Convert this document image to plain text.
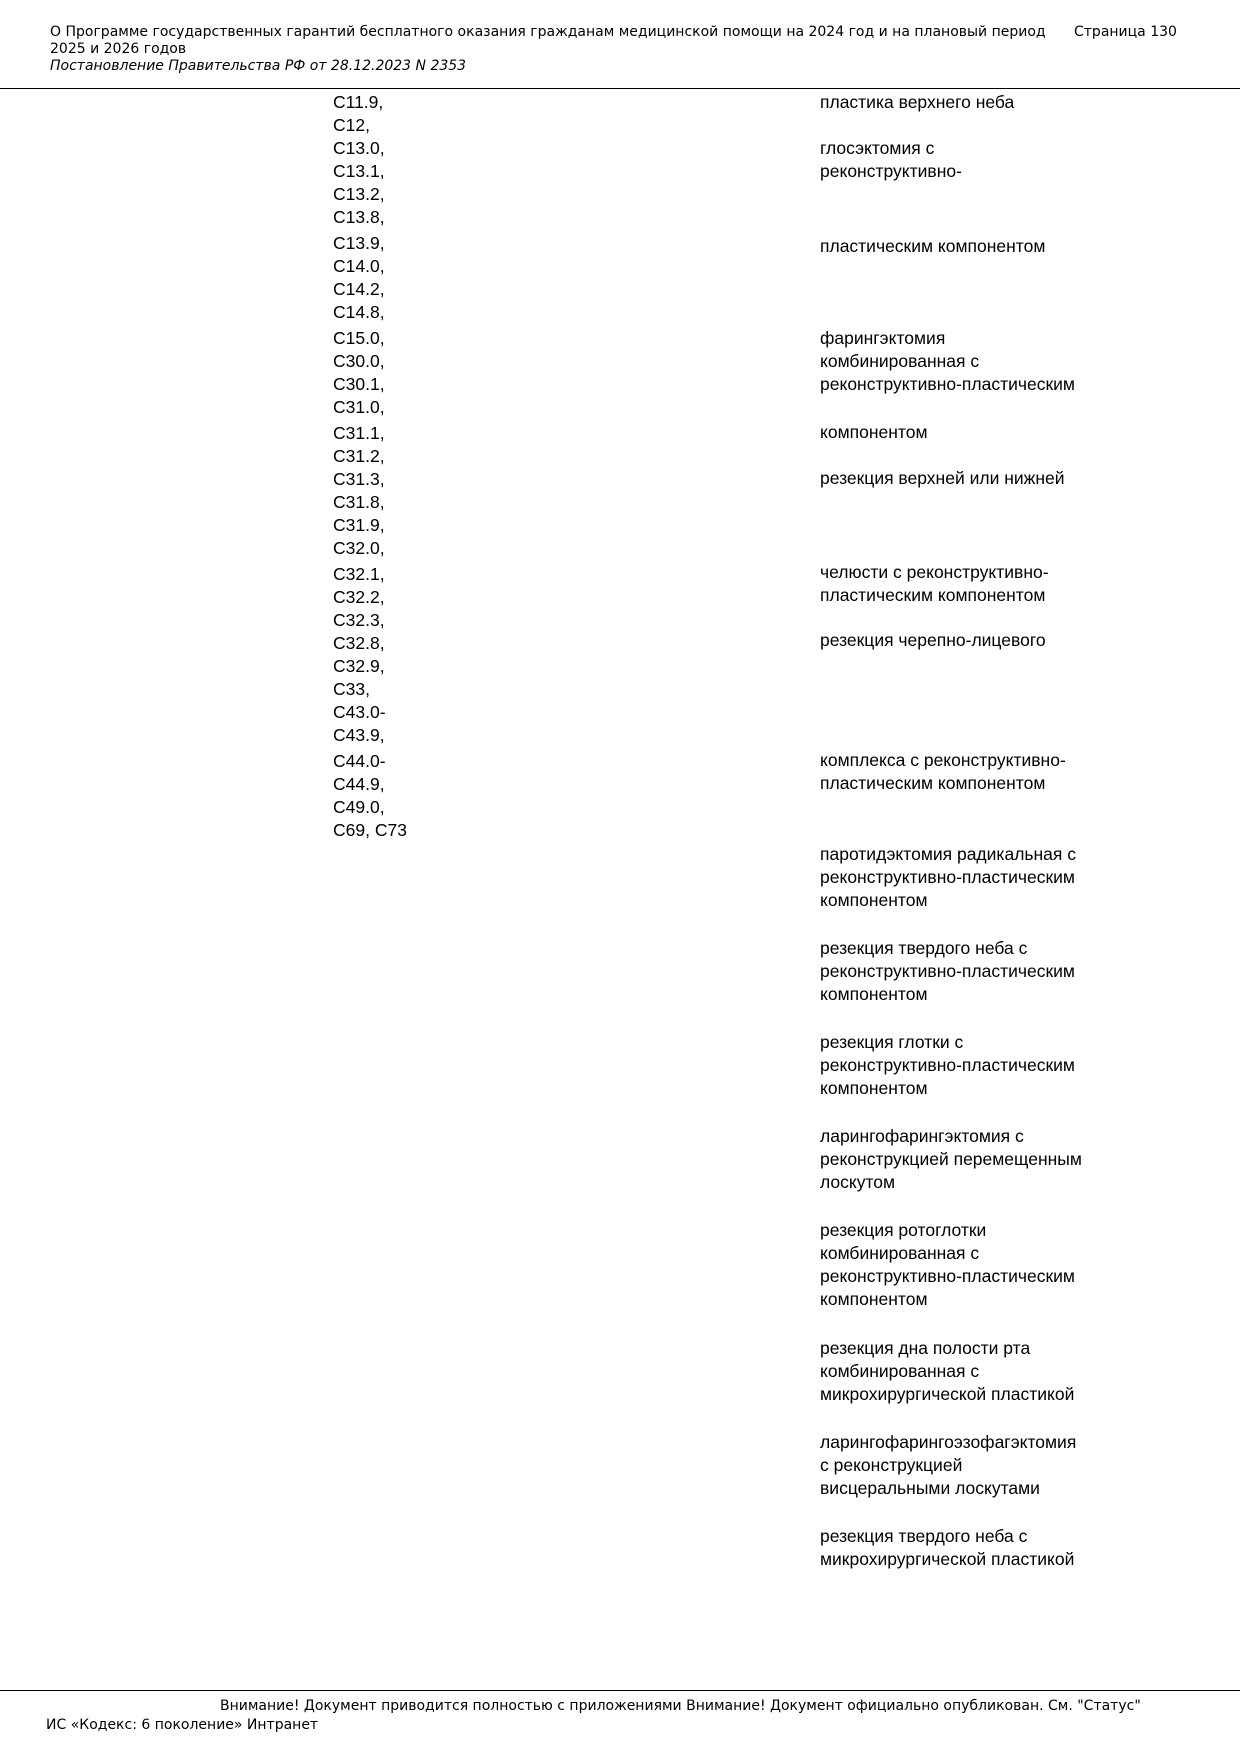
О Программе государственных гарантий бесплатного оказания гражданам медицинской помощи на 2024 год и на плановый период 2025 и 2026 годов

Страница 130

Постановление Правительства РФ от 28.12.2023 N 2353

C11.9,
C12,
C13.0,
C13.1,
C13.2,
C13.8,
C13.9,
C14.0,
C14.2,
C14.8,
C15.0,
C30.0,
C30.1,
C31.0,
C31.1,
C31.2,
C31.3,
C31.8,
C31.9,
C32.0,
C32.1,
C32.2,
C32.3,
C32.8,
C32.9,
C33,
C43.0-
C43.9,
C44.0-
C44.9,
C49.0,
C69, C73
пластика верхнего неба
глосэктомия с
реконструктивно-
пластическим компонентом
фарингэктомия
комбинированная с
реконструктивно-пластическим
компонентом
резекция верхней или нижней
челюсти с реконструктивно-
пластическим компонентом
резекция черепно-лицевого
комплекса с реконструктивно-
пластическим компонентом
паротидэктомия радикальная с
реконструктивно-пластическим
компонентом
резекция твердого неба с
реконструктивно-пластическим
компонентом
резекция глотки с
реконструктивно-пластическим
компонентом
ларингофарингэктомия с
реконструкцией перемещенным
лоскутом
резекция ротоглотки
комбинированная с
реконструктивно-пластическим
компонентом
резекция дна полости рта
комбинированная с
микрохирургической пластикой
ларингофарингоэзофагэктомия
с реконструкцией
висцеральными лоскутами
резекция твердого неба с
микрохирургической пластикой
Внимание! Документ приводится полностью с приложениями Внимание! Документ официально опубликован. См. "Статус"
ИС «Кодекс: 6 поколение» Интранет
